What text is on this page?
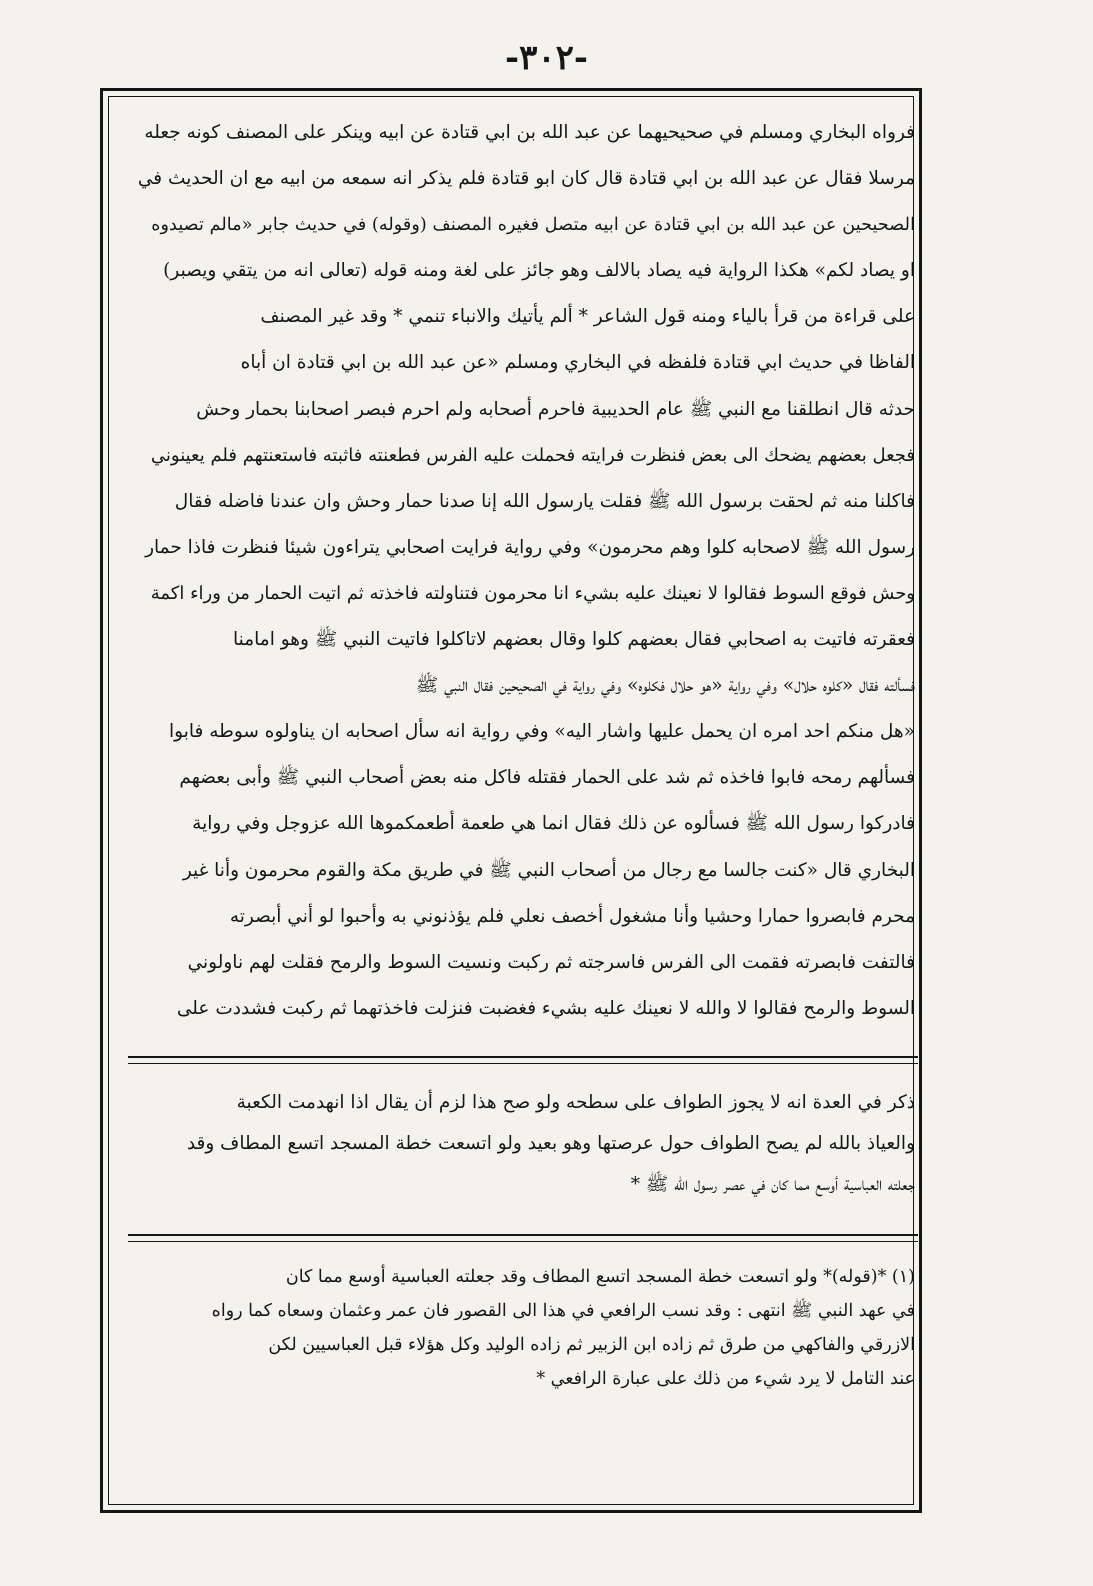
-٣٠٢-
فرواه البخاري ومسلم في صحيحيهما عن عبد الله بن ابي قتادة عن ابيه وينكر على المصنف كونه جعله
مرسلا فقال عن عبد الله بن ابي قتادة قال كان ابو قتادة فلم يذكر انه سمعه من ابيه مع ان الحديث في
الصحيحين عن عبد الله بن ابي قتادة عن ابيه متصل فغيره المصنف (وقوله) في حديث جابر «مالم تصيدوه
او يصاد لكم» هكذا الرواية فيه يصاد بالالف وهو جائز على لغة ومنه قوله (تعالى انه من يتقي ويصبر)
على قراءة من قرأ بالياء ومنه قول الشاعر * ألم يأتيك والانباء تنمي * وقد غير المصنف
الفاظا في حديث ابي قتادة فلفظه في البخاري ومسلم «عن عبد الله بن ابي قتادة ان أباه
حدثه قال انطلقنا مع النبي ﷺ عام الحديبية فاحرم أصحابه ولم احرم فبصر اصحابنا بحمار وحش
فجعل بعضهم يضحك الى بعض فنظرت فرايته فحملت عليه الفرس فطعنته فاثبته فاستعنتهم فلم يعينوني
فاكلنا منه ثم لحقت برسول الله ﷺ فقلت يارسول الله إنا صدنا حمار وحش وان عندنا فاضله فقال
رسول الله ﷺ لاصحابه كلوا وهم محرمون» وفي رواية فرايت اصحابي يتراءون شيئا فنظرت فاذا حمار
وحش فوقع السوط فقالوا لا نعينك عليه بشيء انا محرمون فتناولته فاخذته ثم اتيت الحمار من وراء اكمة
فعقرته فاتيت به اصحابي فقال بعضهم كلوا وقال بعضهم لاتاكلوا فاتيت النبي ﷺ وهو امامنا
فسألته فقال «كلوه حلال» وفي رواية «هو حلال فكلوه» وفي رواية في الصحيحين فقال النبي ﷺ
«هل منكم احد امره ان يحمل عليها واشار اليه» وفي رواية انه سأل اصحابه ان يناولوه سوطه فابوا
فسألهم رمحه فابوا فاخذه ثم شد على الحمار فقتله فاكل منه بعض أصحاب النبي ﷺ وأبى بعضهم
فادركوا رسول الله ﷺ فسألوه عن ذلك فقال انما هي طعمة أطعمكموها الله عزوجل وفي رواية
البخاري قال «كنت جالسا مع رجال من أصحاب النبي ﷺ في طريق مكة والقوم محرمون وأنا غير
محرم فابصروا حمارا وحشيا وأنا مشغول أخصف نعلي فلم يؤذنوني به وأحبوا لو أني أبصرته
فالتفت فابصرته فقمت الى الفرس فاسرجته ثم ركبت ونسيت السوط والرمح فقلت لهم ناولوني
السوط والرمح فقالوا لا والله لا نعينك عليه بشيء فغضبت فنزلت فاخذتهما ثم ركبت فشددت على
ذكر في العدة انه لا يجوز الطواف على سطحه ولو صح هذا لزم أن يقال اذا انهدمت الكعبة
والعياذ بالله لم يصح الطواف حول عرصتها وهو بعيد ولو اتسعت خطة المسجد اتسع المطاف وقد
جعلته العباسية أوسع مما كان في عصر رسول الله ﷺ *
(١) *(قوله)* ولو اتسعت خطة المسجد اتسع المطاف وقد جعلته العباسية أوسع مما كان
في عهد النبي ﷺ انتهى : وقد نسب الرافعي في هذا الى القصور فان عمر وعثمان وسعاه كما رواه
الازرقي والفاكهي من طرق ثم زاده ابن الزبير ثم زاده الوليد وكل هؤلاء قبل العباسيين لكن
عند التامل لا يرد شيء من ذلك على عبارة الرافعي *
